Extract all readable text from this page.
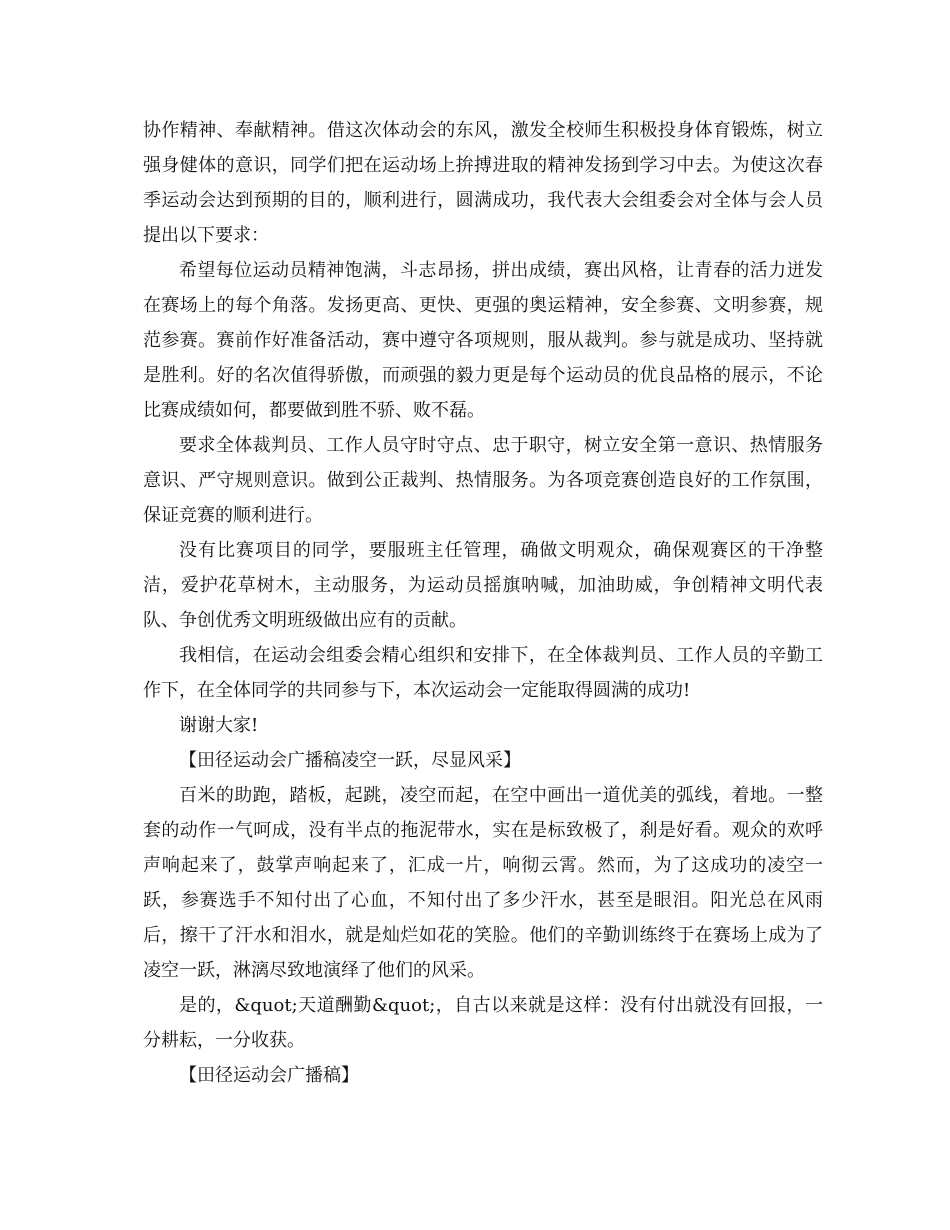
协作精神、奉献精神。借这次体动会的东风，激发全校师生积极投身体育锻炼，树立强身健体的意识，同学们把在运动场上拚搏进取的精神发扬到学习中去。为使这次春季运动会达到预期的目的，顺利进行，圆满成功，我代表大会组委会对全体与会人员提出以下要求：

希望每位运动员精神饱满，斗志昂扬，拼出成绩，赛出风格，让青春的活力迸发在赛场上的每个角落。发扬更高、更快、更强的奥运精神，安全参赛、文明参赛，规范参赛。赛前作好准备活动，赛中遵守各项规则，服从裁判。参与就是成功、坚持就是胜利。好的名次值得骄傲，而顽强的毅力更是每个运动员的优良品格的展示，不论比赛成绩如何，都要做到胜不骄、败不磊。

要求全体裁判员、工作人员守时守点、忠于职守，树立安全第一意识、热情服务意识、严守规则意识。做到公正裁判、热情服务。为各项竞赛创造良好的工作氛围，保证竞赛的顺利进行。

没有比赛项目的同学，要服班主任管理，确做文明观众，确保观赛区的干净整洁，爱护花草树木，主动服务，为运动员摇旗呐喊，加油助威，争创精神文明代表队、争创优秀文明班级做出应有的贡献。

我相信，在运动会组委会精心组织和安排下，在全体裁判员、工作人员的辛勤工作下，在全体同学的共同参与下，本次运动会一定能取得圆满的成功!

谢谢大家!

【田径运动会广播稿凌空一跃，尽显风采】

百米的助跑，踏板，起跳，凌空而起，在空中画出一道优美的弧线，着地。一整套的动作一气呵成，没有半点的拖泥带水，实在是标致极了，刹是好看。观众的欢呼声响起来了，鼓掌声响起来了，汇成一片，响彻云霄。然而，为了这成功的凌空一跃，参赛选手不知付出了心血，不知付出了多少汗水，甚至是眼泪。阳光总在风雨后，擦干了汗水和泪水，就是灿烂如花的笑脸。他们的辛勤训练终于在赛场上成为了凌空一跃，淋漓尽致地演绎了他们的风采。

是的，&quot;天道酬勤&quot;，自古以来就是这样：没有付出就没有回报，一分耕耘，一分收获。

【田径运动会广播稿】
